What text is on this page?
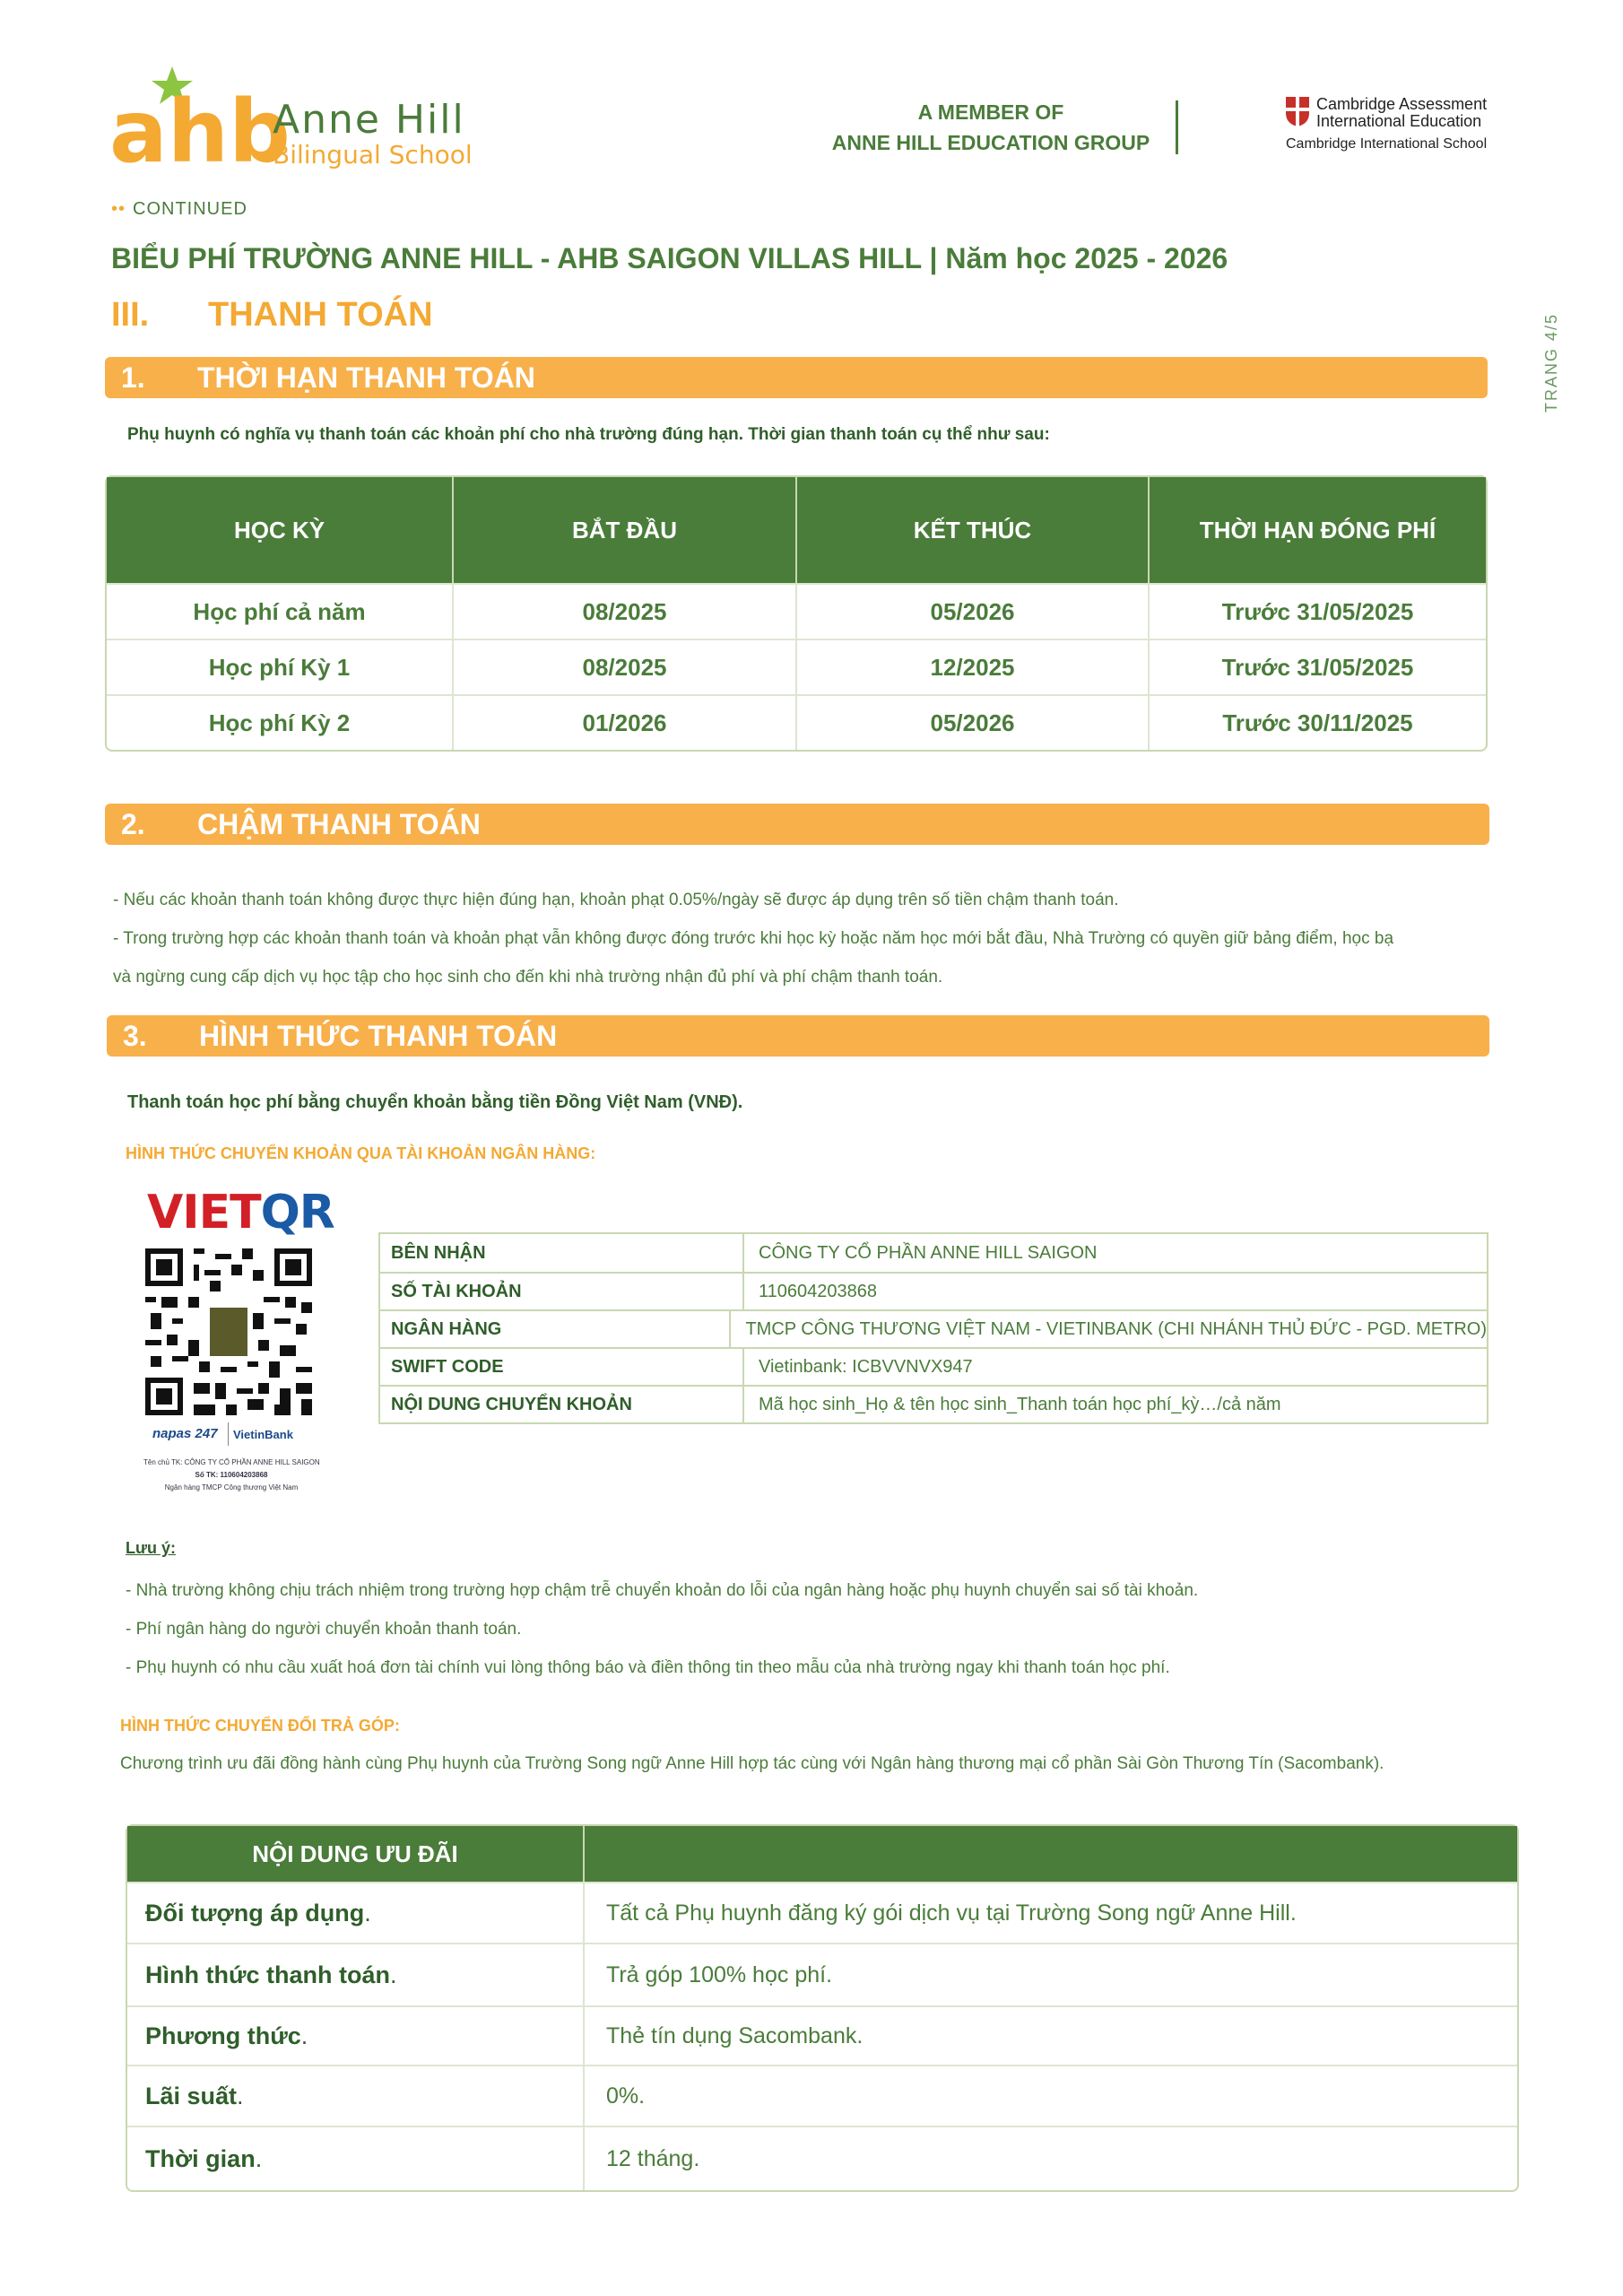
ahb
Anne Hill
Bilingual School
A MEMBER OF
ANNE HILL EDUCATION GROUP
Cambridge Assessment
International Education
Cambridge International School
•• CONTINUED
BIỂU PHÍ TRƯỜNG ANNE HILL - AHB SAIGON VILLAS HILL | Năm học 2025 - 2026
III. THANH TOÁN	TRANG 4/5
1. THỜI HẠN THANH TOÁN
Phụ huynh có nghĩa vụ thanh toán các khoản phí cho nhà trường đúng hạn. Thời gian thanh toán cụ thể như sau:
HỌC KỲ	BẮT ĐẦU	KẾT THÚC	THỜI HẠN ĐÓNG PHÍ
Học phí cả năm	08/2025	05/2026	Trước 31/05/2025
Học phí Kỳ 1	08/2025	12/2025	Trước 31/05/2025
Học phí Kỳ 2	01/2026	05/2026	Trước 30/11/2025
2. CHẬM THANH TOÁN
- Nếu các khoản thanh toán không được thực hiện đúng hạn, khoản phạt 0.05%/ngày sẽ được áp dụng trên số tiền chậm thanh toán.
- Trong trường hợp các khoản thanh toán và khoản phạt vẫn không được đóng trước khi học kỳ hoặc năm học mới bắt đầu, Nhà Trường có quyền giữ bảng điểm, học bạ
và ngừng cung cấp dịch vụ học tập cho học sinh cho đến khi nhà trường nhận đủ phí và phí chậm thanh toán.
3. HÌNH THỨC THANH TOÁN
Thanh toán học phí bằng chuyển khoản bằng tiền Đồng Việt Nam (VNĐ).
HÌNH THỨC CHUYỂN KHOẢN QUA TÀI KHOẢN NGÂN HÀNG:
VIETQR
napas 247 VietinBank
Tên chủ TK: CÔNG TY CỔ PHẦN ANNE HILL SAIGON
Số TK: 110604203868
Ngân hàng TMCP Công thương Việt Nam
BÊN NHẬN	CÔNG TY CỔ PHẦN ANNE HILL SAIGON
SỐ TÀI KHOẢN	110604203868
NGÂN HÀNG	TMCP CÔNG THƯƠNG VIỆT NAM - VIETINBANK (CHI NHÁNH THỦ ĐỨC - PGD. METRO)
SWIFT CODE	Vietinbank: ICBVVNVX947
NỘI DUNG CHUYỂN KHOẢN	Mã học sinh_Họ & tên học sinh_Thanh toán học phí_kỳ…/cả năm
Lưu ý:
- Nhà trường không chịu trách nhiệm trong trường hợp chậm trễ chuyển khoản do lỗi của ngân hàng hoặc phụ huynh chuyển sai số tài khoản.
- Phí ngân hàng do người chuyển khoản thanh toán.
- Phụ huynh có nhu cầu xuất hoá đơn tài chính vui lòng thông báo và điền thông tin theo mẫu của nhà trường ngay khi thanh toán học phí.
HÌNH THỨC CHUYỂN ĐỔI TRẢ GÓP:
Chương trình ưu đãi đồng hành cùng Phụ huynh của Trường Song ngữ Anne Hill hợp tác cùng với Ngân hàng thương mại cổ phần Sài Gòn Thương Tín (Sacombank).
NỘI DUNG ƯU ĐÃI
Đối tượng áp dụng .	Tất cả Phụ huynh đăng ký gói dịch vụ tại Trường Song ngữ Anne Hill.
Hình thức thanh toán .	Trả góp 100% học phí.
Phương thức .	Thẻ tín dụng Sacombank.
Lãi suất .	0%.
Thời gian .	12 tháng.
